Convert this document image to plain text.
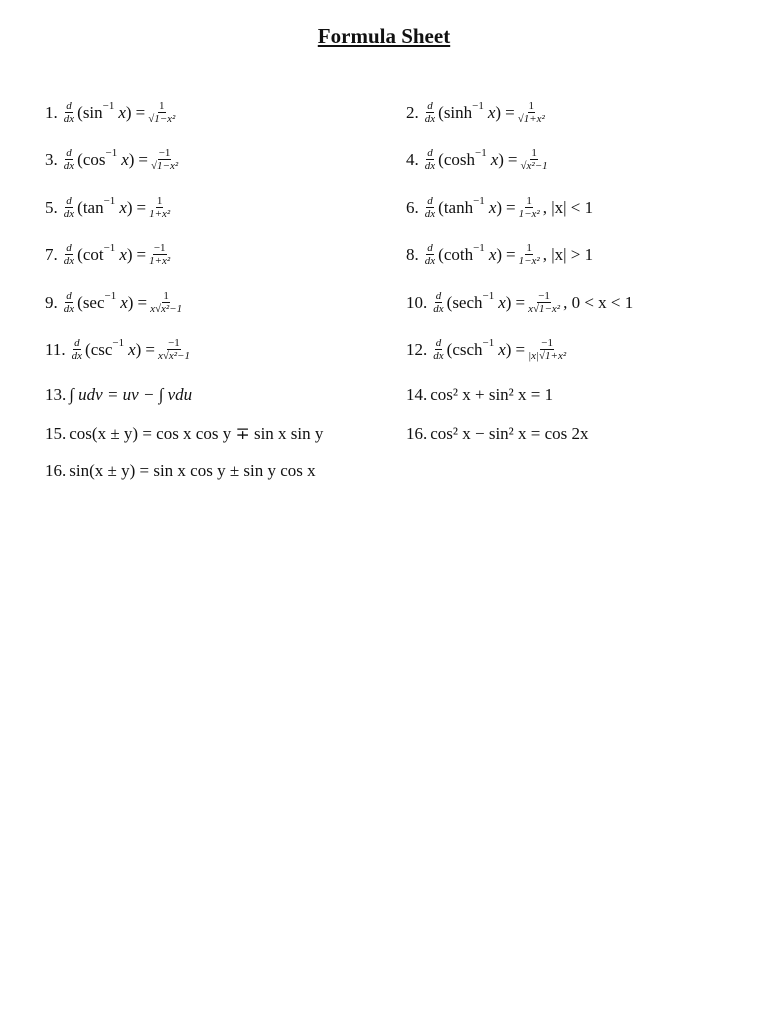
Formula Sheet
1. $\frac{d}{dx}$ ( sin −1 x ) = $\frac{1}{\text{√1−x²}}$	2. $\frac{d}{dx}$ ( sinh −1 x ) = $\frac{1}{\text{√1+x²}}$
3. $\frac{d}{dx}$ ( cos −1 x ) = $\frac{-1}{\text{√1−x²}}$	4. $\frac{d}{dx}$ ( cosh −1 x ) = $\frac{1}{\text{√x²−1}}$
5. $\frac{d}{dx}$ ( tan −1 x ) = $\frac{1}{\text{1+x²}}$	6. $\frac{d}{dx}$ ( tanh −1 x ) = $\frac{1}{\text{1−x²}}$ , |x| < 1
7. $\frac{d}{dx}$ ( cot −1 x ) = $\frac{-1}{\text{1+x²}}$	8. $\frac{d}{dx}$ ( coth −1 x ) = $\frac{1}{\text{1−x²}}$ , |x| > 1
9. $\frac{d}{dx}$ ( sec −1 x ) = $\frac{1}{\text{x√x²−1}}$	10. $\frac{d}{dx}$ ( sech −1 x ) = $\frac{-1}{\text{x√1−x²}}$ , 0 < x < 1
11. $\frac{d}{dx}$ ( csc −1 x ) = $\frac{-1}{\text{x√x²−1}}$	12. $\frac{d}{dx}$ ( csch −1 x ) = $\frac{-1}{\text{|x|√1+x²}}$
13. ∫ udv = uv − ∫ vdu	14. cos² x + sin² x = 1
15. cos(x ± y) = cos x cos y ∓ sin x sin y	16. cos² x − sin² x = cos 2x
16. sin(x ± y) = sin x cos y ± sin y cos x
